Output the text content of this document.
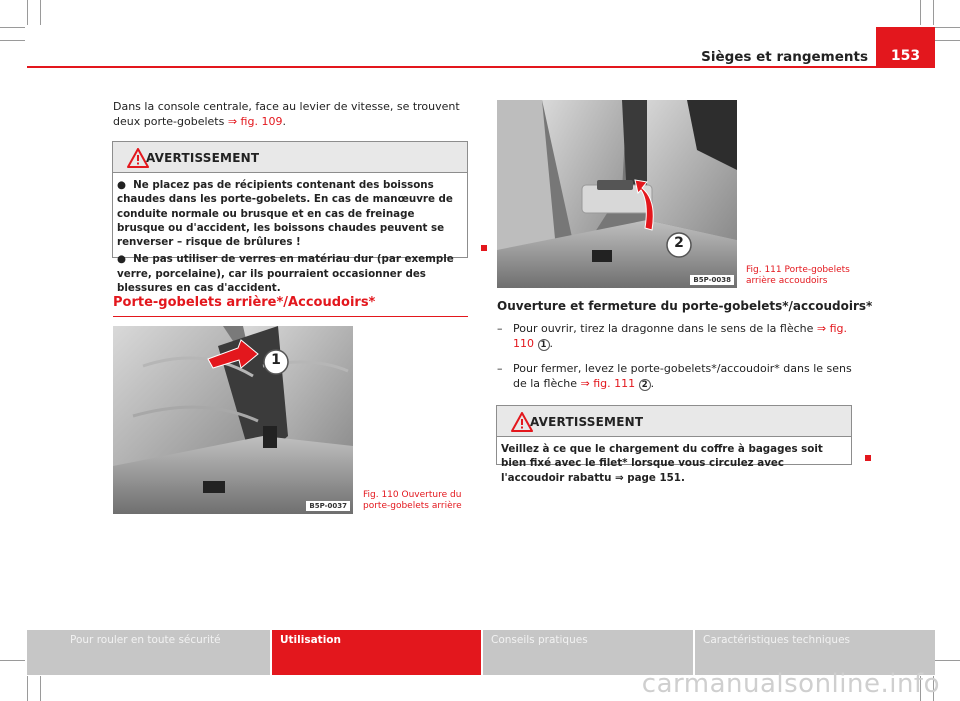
Sièges et rangements	153

Dans la console centrale, face au levier de vitesse, se trouvent deux porte-gobelets ⇒ fig. 109.

AVERTISSEMENT
● Ne placez pas de récipients contenant des boissons chaudes dans les porte-gobelets. En cas de manœuvre de conduite normale ou brusque et en cas de freinage brusque ou d'accident, les boissons chaudes peuvent se renverser – risque de brûlures !
● Ne pas utiliser de verres en matériau dur (par exemple verre, porcelaine), car ils pourraient occasionner des blessures en cas d'accident.
Porte-gobelets arrière*/Accoudoirs*
1
B5P-0037
Fig. 110 Ouverture du
porte-gobelets arrière
2
B5P-0038
Fig. 111 Porte-gobelets
arrière accoudoirs
Ouverture et fermeture du porte-gobelets*/accoudoirs*
– Pour ouvrir, tirez la dragonne dans le sens de la flèche ⇒ fig. 110 1 .
– Pour fermer, levez le porte-gobelets*/accoudoir* dans le sens de la flèche ⇒ fig. 111 2 .
AVERTISSEMENT
Veillez à ce que le chargement du coffre à bagages soit bien fixé avec le filet* lorsque vous circulez avec l'accoudoir rabattu ⇒ page 151.
Pour rouler en toute sécurité	Utilisation	Conseils pratiques	Caractéristiques techniques
carmanualsonline.info
